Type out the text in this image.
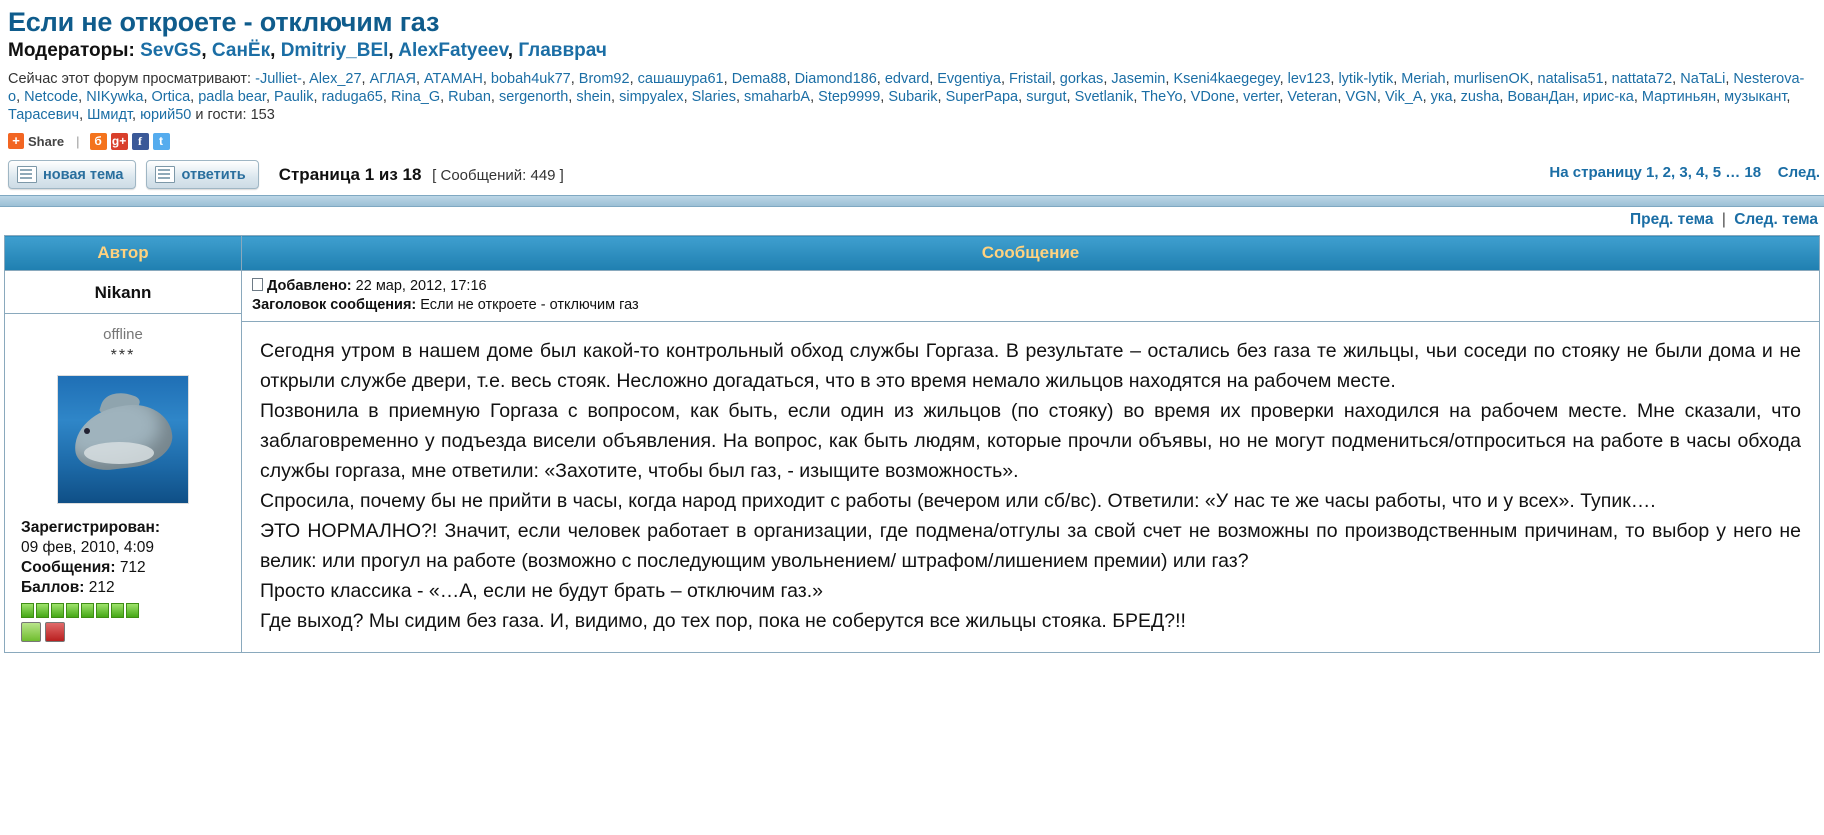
Если не откроете - отключим газ
Модераторы: SevGS, СанЁк, Dmitriy_BEl, AlexFatyeev, Главврач
Сейчас этот форум просматривают: -Julliet-, Alex_27, АГЛАЯ, АТАМАН, bobah4uk77, Brom92, сашашура61, Dema88, Diamond186, edvard, Evgentiya, Fristail, gorkas, Jasemin, Kseni4kaegegey, lev123, lytik-lytik, Meriah, murlisenOK, natalisa51, nattata72, NaTaLi, Nesterova-o, Netcode, NIKywka, Ortica, padla bear, Paulik, raduga65, Rina_G, Ruban, sergenorth, shein, simpyalex, Slaries, smaharbA, Step9999, Subarik, SuperPapa, surgut, Svetlanik, TheYo, VDone, verter, Veteran, VGN, Vik_A, ука, zusha, ВованДан, ирис-ка, Мартиньян, музыкант, Тарасевич, Шмидт, юрий50 и гости: 153
+ Share |	б g+ f	t
новая тема	ответить Страница 1 из 18 [ Сообщений: 449 ]	На страницу 1, 2, 3, 4, 5 … 18 След.
Пред. тема | След. тема
Автор	Сообщение

Nikann
offline
***
Зарегистрирован:
09 фев, 2010, 4:09
Сообщения: 712
Баллов: 212

Добавлено: 22 мар, 2012, 17:16
Заголовок сообщения: Если не откроете - отключим газ

Сегодня утром в нашем доме был какой-то контрольный обход службы Горгаза. В результате – остались без газа те жильцы, чьи соседи по стояку не были дома и не открыли службе двери, т.е. весь стояк. Несложно догадаться, что в это время немало жильцов находятся на рабочем месте.

Позвонила в приемную Горгаза с вопросом, как быть, если один из жильцов (по стояку) во время их проверки находился на рабочем месте. Мне сказали, что заблаговременно у подъезда висели объявления. На вопрос, как быть людям, которые прочли объявы, но не могут подмениться/отпроситься на работе в часы обхода службы горгаза, мне ответили: «Захотите, чтобы был газ, - изыщите возможность».

Спросила, почему бы не прийти в часы, когда народ приходит с работы (вечером или сб/вс). Ответили: «У нас те же часы работы, что и у всех». Тупик….

ЭТО НОРМАЛНО?! Значит, если человек работает в организации, где подмена/отгулы за свой счет не возможны по производственным причинам, то выбор у него не велик: или прогул на работе (возможно с последующим увольнением/ штрафом/лишением премии) или газ?

Просто классика - «…А, если не будут брать – отключим газ.»

Где выход? Мы сидим без газа. И, видимо, до тех пор, пока не соберутся все жильцы стояка. БРЕД?!!
